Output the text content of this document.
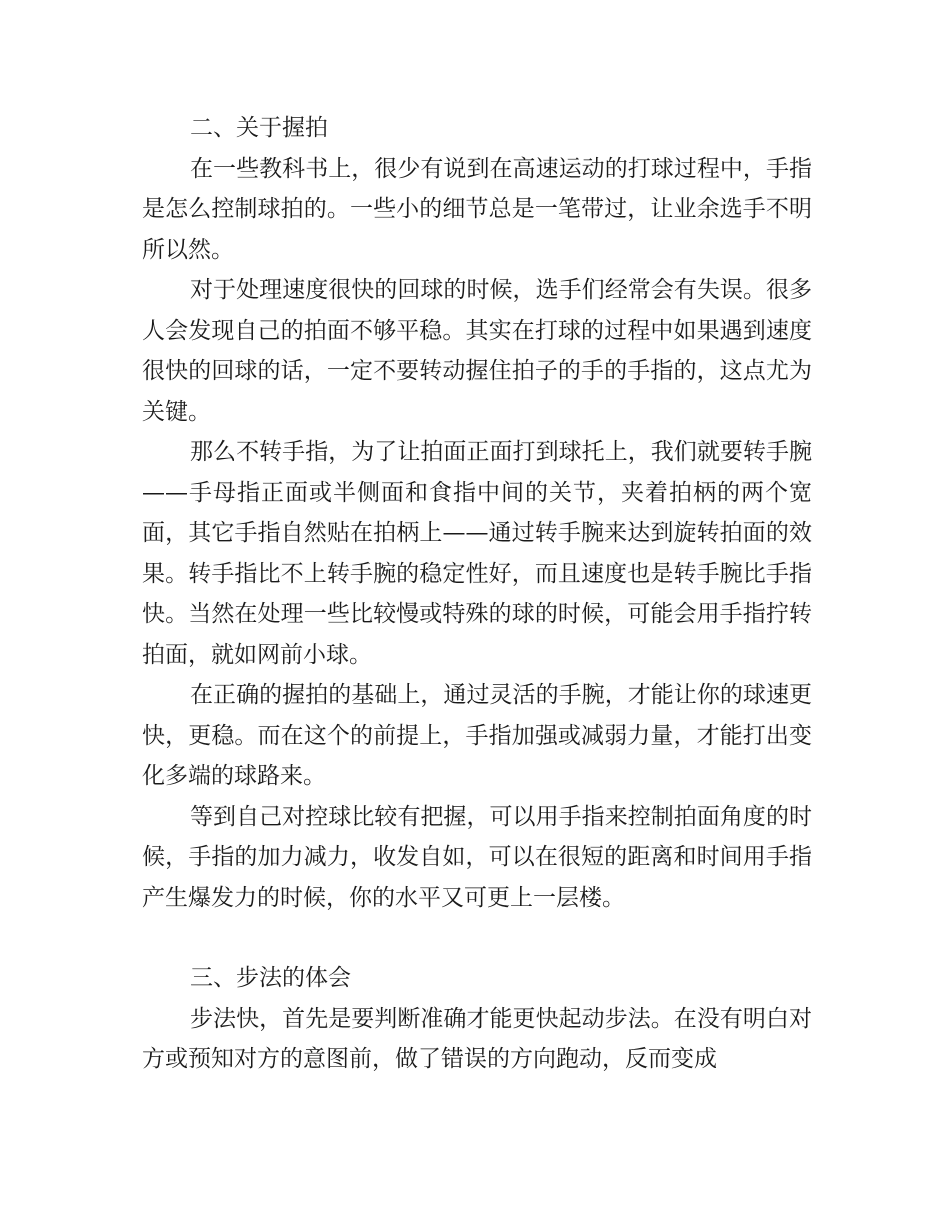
二、关于握拍

在一些教科书上，很少有说到在高速运动的打球过程中，手指是怎么控制球拍的。一些小的细节总是一笔带过，让业余选手不明所以然。

对于处理速度很快的回球的时候，选手们经常会有失误。很多人会发现自己的拍面不够平稳。其实在打球的过程中如果遇到速度很快的回球的话，一定不要转动握住拍子的手的手指的，这点尤为关键。

那么不转手指，为了让拍面正面打到球托上，我们就要转手腕——手母指正面或半侧面和食指中间的关节，夹着拍柄的两个宽面，其它手指自然贴在拍柄上——通过转手腕来达到旋转拍面的效果。转手指比不上转手腕的稳定性好，而且速度也是转手腕比手指快。当然在处理一些比较慢或特殊的球的时候，可能会用手指拧转拍面，就如网前小球。

在正确的握拍的基础上，通过灵活的手腕，才能让你的球速更快，更稳。而在这个的前提上，手指加强或减弱力量，才能打出变化多端的球路来。

等到自己对控球比较有把握，可以用手指来控制拍面角度的时候，手指的加力减力，收发自如，可以在很短的距离和时间用手指产生爆发力的时候，你的水平又可更上一层楼。

三、步法的体会

步法快，首先是要判断准确才能更快起动步法。在没有明白对方或预知对方的意图前，做了错误的方向跑动，反而变成
